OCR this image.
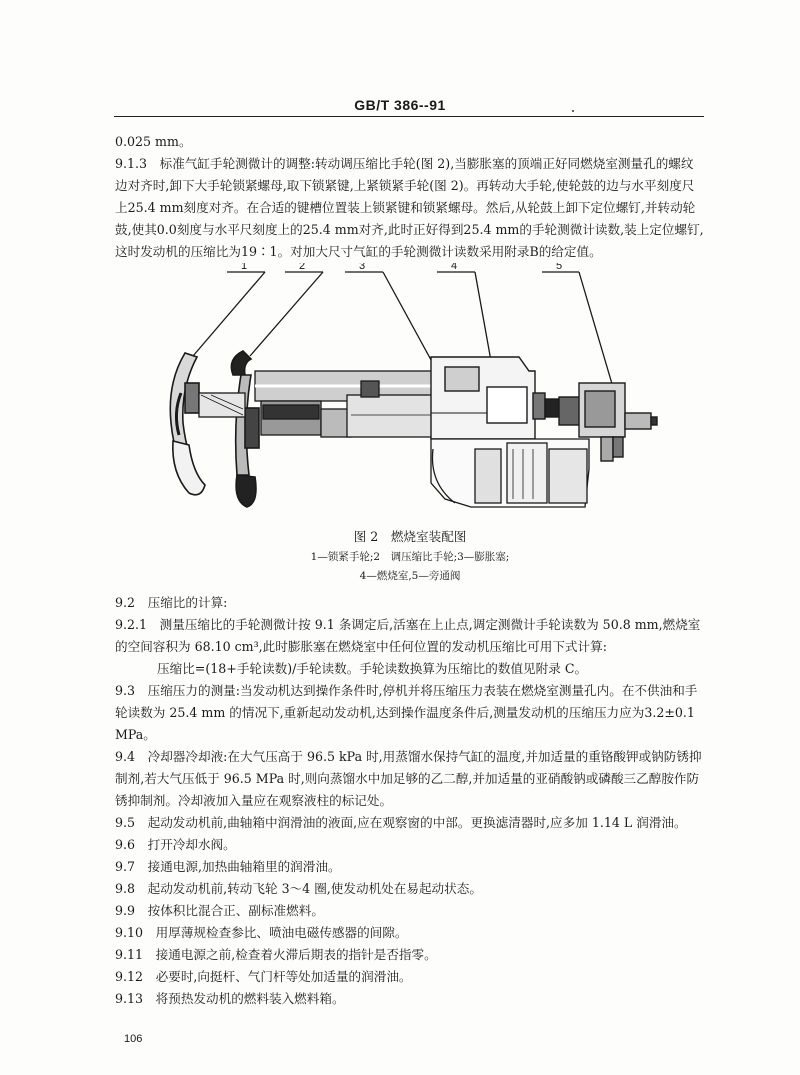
GB/T 386--91

0.025 mm。

9.1.3　标准气缸手轮测微计的调整:转动调压缩比手轮(图 2),当膨胀塞的顶端正好同燃烧室测量孔的螺纹边对齐时,卸下大手轮锁紧螺母,取下锁紧键,上紧锁紧手轮(图 2)。再转动大手轮,使轮鼓的边与水平刻度尺上25.4 mm刻度对齐。在合适的键槽位置装上锁紧键和锁紧螺母。然后,从轮鼓上卸下定位螺钉,并转动轮鼓,使其0.0刻度与水平尺刻度上的25.4 mm对齐,此时正好得到25.4 mm的手轮测微计读数,装上定位螺钉,这时发动机的压缩比为19∶1。对加大尺寸气缸的手轮测微计读数采用附录B的给定值。

1	2	3	4	5
图 2　燃烧室装配图
1—锁紧手轮;2　调压缩比手轮;3—膨胀塞;
4—燃烧室,5—旁通阀

9.2　压缩比的计算:

9.2.1　测量压缩比的手轮测微计按 9.1 条调定后,活塞在上止点,调定测微计手轮读数为 50.8 mm,燃烧室的空间容积为 68.10 cm³,此时膨胀塞在燃烧室中任何位置的发动机压缩比可用下式计算:

压缩比=(18+手轮读数)/手轮读数。手轮读数换算为压缩比的数值见附录 C。

9.3　压缩压力的测量:当发动机达到操作条件时,停机并将压缩压力表装在燃烧室测量孔内。在不供油和手轮读数为 25.4 mm 的情况下,重新起动发动机,达到操作温度条件后,测量发动机的压缩压力应为3.2±0.1 MPa。

9.4　冷却器冷却液:在大气压高于 96.5 kPa 时,用蒸馏水保持气缸的温度,并加适量的重铬酸钾或钠防锈抑制剂,若大气压低于 96.5 MPa 时,则向蒸馏水中加足够的乙二醇,并加适量的亚硝酸钠或磷酸三乙醇胺作防锈抑制剂。冷却液加入量应在观察液柱的标记处。

9.5　起动发动机前,曲轴箱中润滑油的液面,应在观察窗的中部。更换滤清器时,应多加 1.14 L 润滑油。

9.6　打开冷却水阀。

9.7　接通电源,加热曲轴箱里的润滑油。

9.8　起动发动机前,转动飞轮 3～4 圈,使发动机处在易起动状态。

9.9　按体积比混合正、副标准燃料。

9.10　用厚薄规检查参比、喷油电磁传感器的间隙。

9.11　接通电源之前,检查着火滞后期表的指针是否指零。

9.12　必要时,向挺杆、气门杆等处加适量的润滑油。

9.13　将预热发动机的燃料装入燃料箱。

106
